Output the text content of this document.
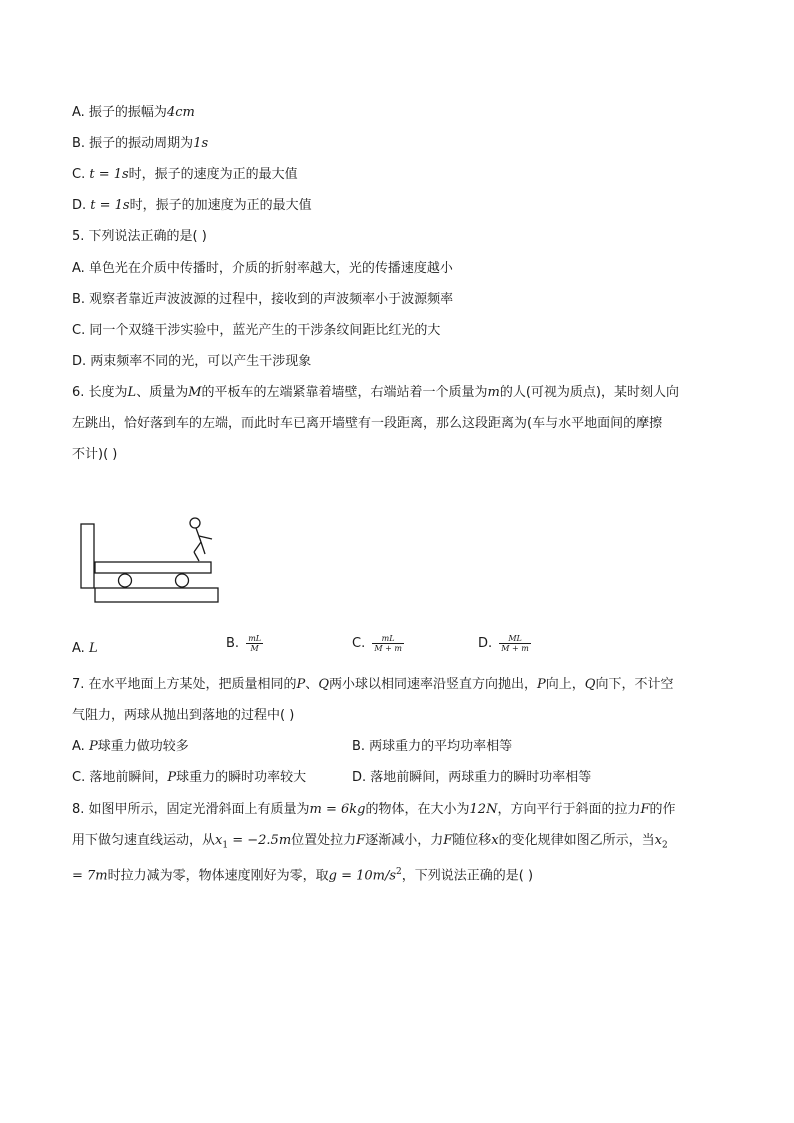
A. 振子的振幅为4cm
B. 振子的振动周期为1s
C. t = 1s时，振子的速度为正的最大值
D. t = 1s时，振子的加速度为正的最大值
5. 下列说法正确的是( )
A. 单色光在介质中传播时，介质的折射率越大，光的传播速度越小
B. 观察者靠近声波波源的过程中，接收到的声波频率小于波源频率
C. 同一个双缝干涉实验中，蓝光产生的干涉条纹间距比红光的大
D. 两束频率不同的光，可以产生干涉现象
6. 长度为L、质量为M的平板车的左端紧靠着墙壁，右端站着一个质量为m的人(可视为质点)，某时刻人向
左跳出，恰好落到车的左端，而此时车已离开墙壁有一段距离，那么这段距离为(车与水平地面间的摩擦
不计)( )
A. L	B. $\frac{mL}{M}$	C. $\frac{mL}{M + m}$	D. $\frac{ML}{M + m}$
7. 在水平地面上方某处，把质量相同的P、Q两小球以相同速率沿竖直方向抛出，P向上，Q向下，不计空
气阻力，两球从抛出到落地的过程中( )
A. P球重力做功较多	B. 两球重力的平均功率相等
C. 落地前瞬间，P球重力的瞬时功率较大	D. 落地前瞬间，两球重力的瞬时功率相等
8. 如图甲所示，固定光滑斜面上有质量为m = 6kg的物体，在大小为12N，方向平行于斜面的拉力F的作
用下做匀速直线运动，从$x_1 = -2.5m$位置处拉力F逐渐减小，力F随位移x的变化规律如图乙所示，当$x_2$
= 7m时拉力减为零，物体速度刚好为零，取$g = 10m/s^2$，下列说法正确的是( )
